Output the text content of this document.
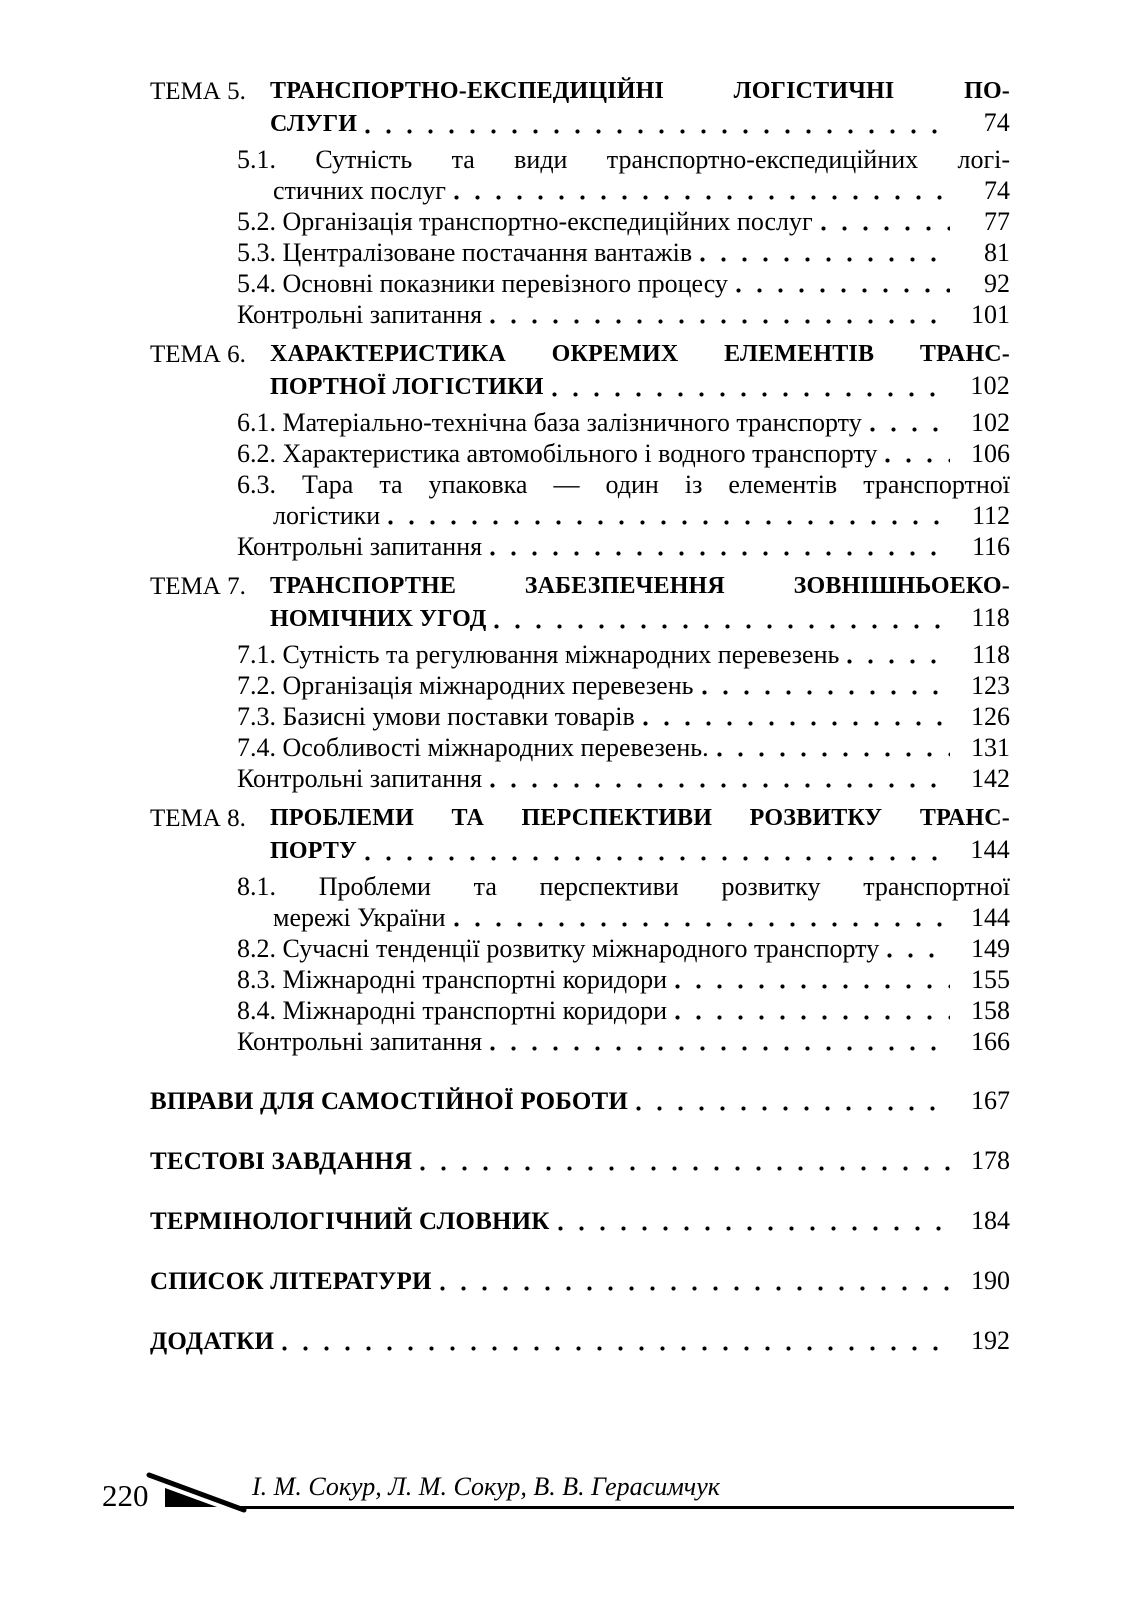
ТЕМА 5.	ТРАНСПОРТНО-ЕКСПЕДИЦІЙНІ ЛОГІСТИЧНІ ПО-
СЛУГИ	74
5.1. Сутність та види транспортно-експедиційних логі-
стичних послуг	74
5.2. Організація транспортно-експедиційних послуг	77
5.3. Централізоване постачання вантажів	81
5.4. Основні показники перевізного процесу	92
Контрольні запитання	101
ТЕМА 6.	ХАРАКТЕРИСТИКА ОКРЕМИХ ЕЛЕМЕНТІВ ТРАНС-
ПОРТНОЇ ЛОГІСТИКИ	102
6.1. Матеріально-технічна база залізничного транспорту	102
6.2. Характеристика автомобільного і водного транспорту	106
6.3. Тара та упаковка — один із елементів транспортної
логістики	112
Контрольні запитання	116
ТЕМА 7.	ТРАНСПОРТНЕ ЗАБЕЗПЕЧЕННЯ ЗОВНІШНЬОЕКО-
НОМІЧНИХ УГОД	118
7.1. Сутність та регулювання міжнародних перевезень	118
7.2. Організація міжнародних перевезень	123
7.3. Базисні умови поставки товарів	126
7.4. Особливості міжнародних перевезень.	131
Контрольні запитання	142
ТЕМА 8.	ПРОБЛЕМИ ТА ПЕРСПЕКТИВИ РОЗВИТКУ ТРАНС-
ПОРТУ	144
8.1. Проблеми та перспективи розвитку транспортної
мережі України	144
8.2. Сучасні тенденції розвитку міжнародного транспорту	149
8.3. Міжнародні транспортні коридори	155
8.4. Міжнародні транспортні коридори	158
Контрольні запитання	166
ВПРАВИ ДЛЯ САМОСТІЙНОЇ РОБОТИ	167
ТЕСТОВІ ЗАВДАННЯ	178
ТЕРМІНОЛОГІЧНИЙ СЛОВНИК	184
СПИСОК ЛІТЕРАТУРИ	190
ДОДАТКИ	192
220	І. М. Сокур, Л. М. Сокур, В. В. Герасимчук
